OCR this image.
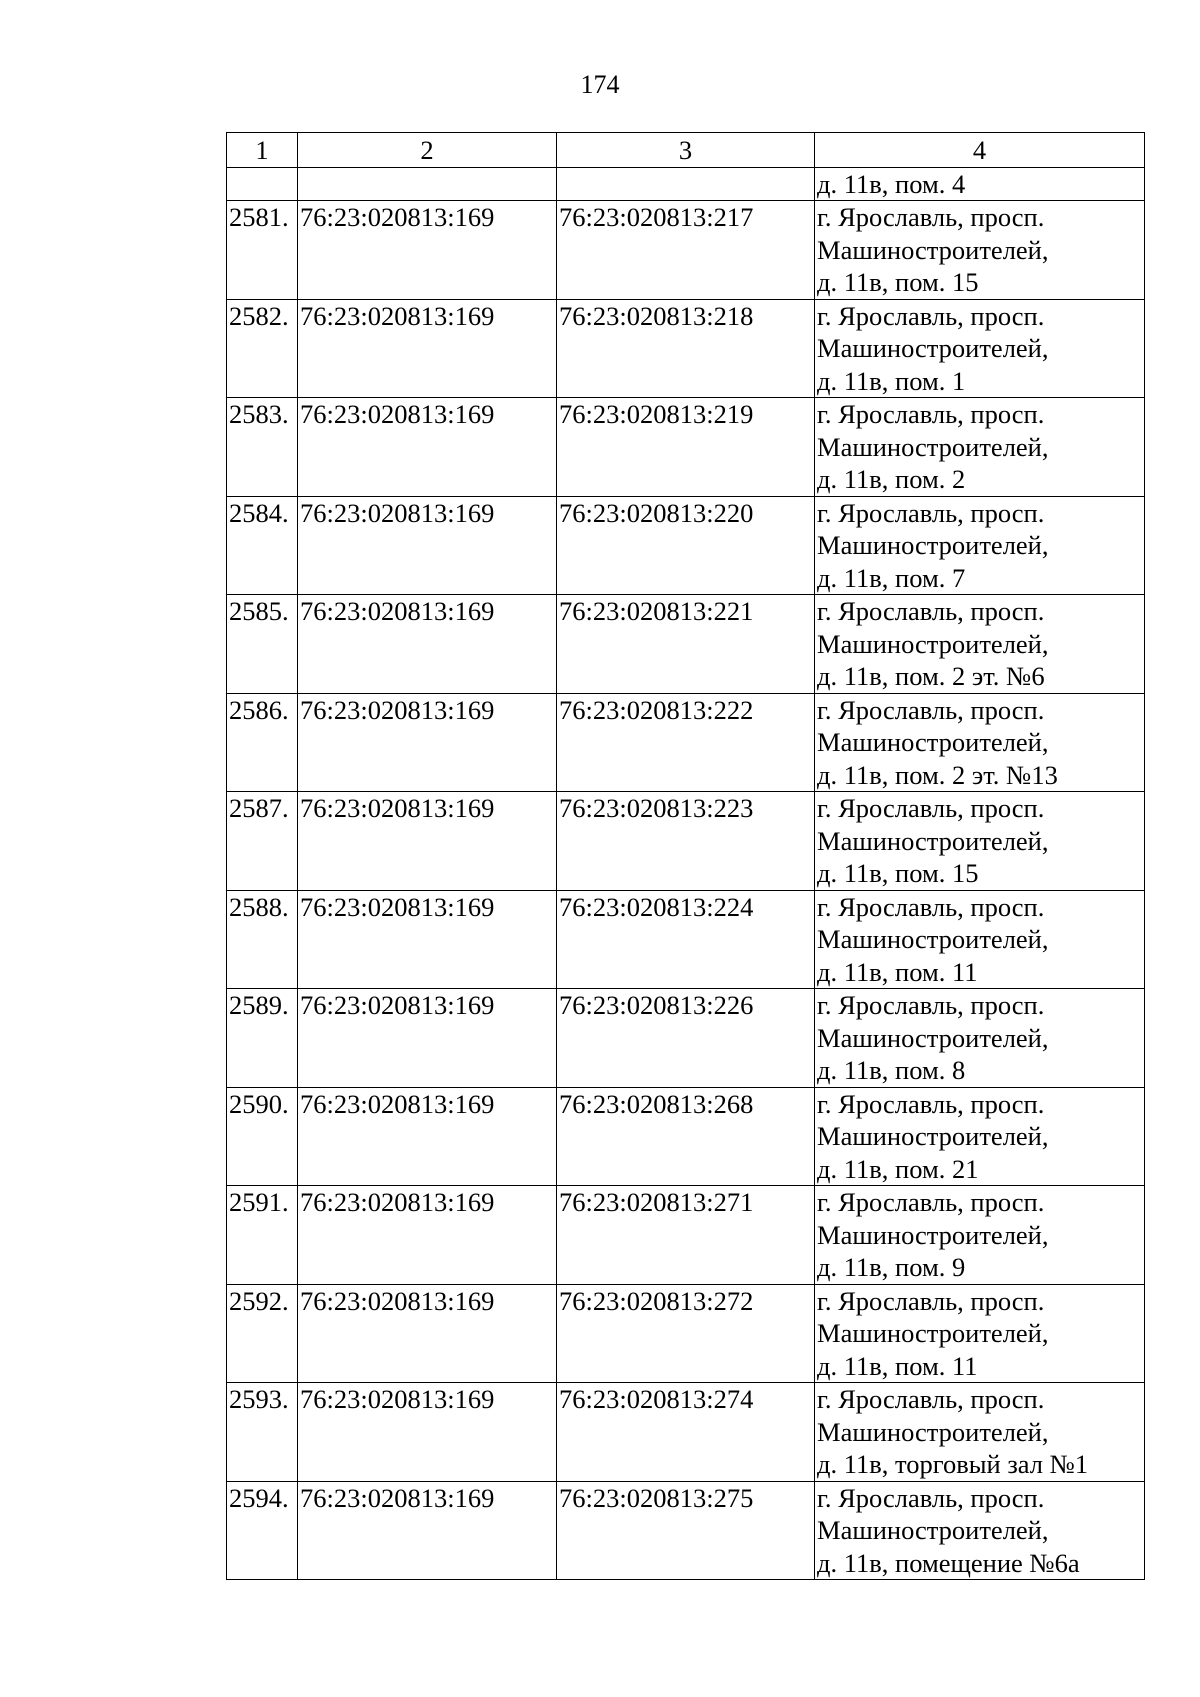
174
1	2	3	4
			д. 11в, пом. 4
2581.	76:23:020813:169	76:23:020813:217	г. Ярославль, просп.
Машиностроителей,
д. 11в, пом. 15

2582.	76:23:020813:169	76:23:020813:218	г. Ярославль, просп.
Машиностроителей,
д. 11в, пом. 1

2583.	76:23:020813:169	76:23:020813:219	г. Ярославль, просп.
Машиностроителей,
д. 11в, пом. 2

2584.	76:23:020813:169	76:23:020813:220	г. Ярославль, просп.
Машиностроителей,
д. 11в, пом. 7

2585.	76:23:020813:169	76:23:020813:221	г. Ярославль, просп.
Машиностроителей,
д. 11в, пом. 2 эт. №6

2586.	76:23:020813:169	76:23:020813:222	г. Ярославль, просп.
Машиностроителей,
д. 11в, пом. 2 эт. №13

2587.	76:23:020813:169	76:23:020813:223	г. Ярославль, просп.
Машиностроителей,
д. 11в, пом. 15

2588.	76:23:020813:169	76:23:020813:224	г. Ярославль, просп.
Машиностроителей,
д. 11в, пом. 11

2589.	76:23:020813:169	76:23:020813:226	г. Ярославль, просп.
Машиностроителей,
д. 11в, пом. 8

2590.	76:23:020813:169	76:23:020813:268	г. Ярославль, просп.
Машиностроителей,
д. 11в, пом. 21

2591.	76:23:020813:169	76:23:020813:271	г. Ярославль, просп.
Машиностроителей,
д. 11в, пом. 9

2592.	76:23:020813:169	76:23:020813:272	г. Ярославль, просп.
Машиностроителей,
д. 11в, пом. 11

2593.	76:23:020813:169	76:23:020813:274	г. Ярославль, просп.
Машиностроителей,
д. 11в, торговый зал №1

2594.	76:23:020813:169	76:23:020813:275	г. Ярославль, просп.
Машиностроителей,
д. 11в, помещение №6а
